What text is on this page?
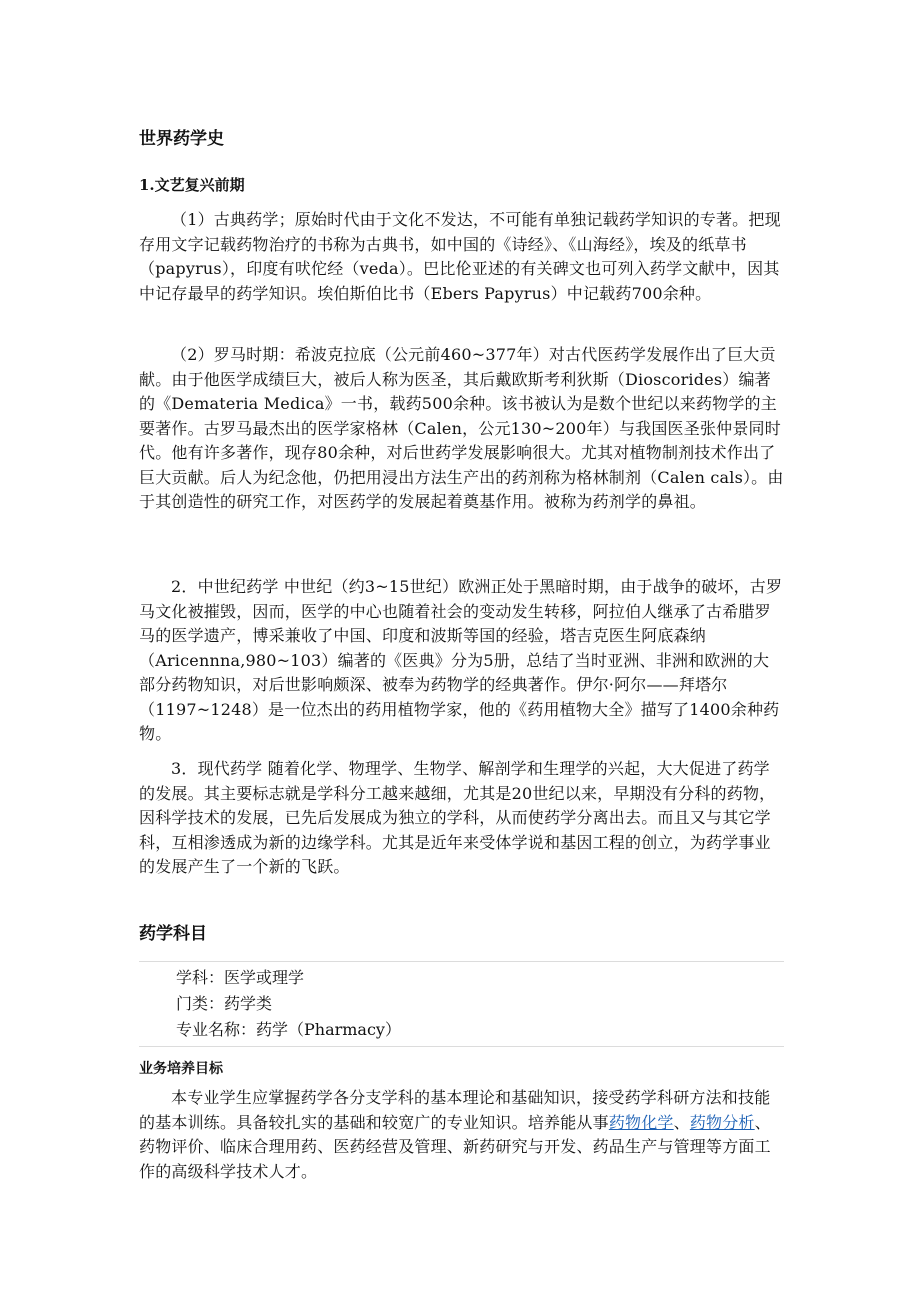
世界药学史
1.文艺复兴前期

（1）古典药学；原始时代由于文化不发达，不可能有单独记载药学知识的专著。把现存用文字记载药物治疗的书称为古典书，如中国的《诗经》、《山海经》，埃及的纸草书（papyrus），印度有吠佗经（veda）。巴比伦亚述的有关碑文也可列入药学文献中，因其中记存最早的药学知识。埃伯斯伯比书（Ebers Papyrus）中记载药700余种。

（2）罗马时期：希波克拉底（公元前460~377年）对古代医药学发展作出了巨大贡献。由于他医学成绩巨大，被后人称为医圣，其后戴欧斯考利狄斯（Dioscorides）编著的《Demateria Medica》一书，载药500余种。该书被认为是数个世纪以来药物学的主要著作。古罗马最杰出的医学家格林（Calen，公元130~200年）与我国医圣张仲景同时代。他有许多著作，现存80余种，对后世药学发展影响很大。尤其对植物制剂技术作出了巨大贡献。后人为纪念他，仍把用浸出方法生产出的药剂称为格林制剂（Calen cals）。由于其创造性的研究工作，对医药学的发展起着奠基作用。被称为药剂学的鼻祖。

2．中世纪药学 中世纪（约3~15世纪）欧洲正处于黑暗时期，由于战争的破坏，古罗马文化被摧毁，因而，医学的中心也随着社会的变动发生转移，阿拉伯人继承了古希腊罗马的医学遗产，博采兼收了中国、印度和波斯等国的经验，塔吉克医生阿底森纳（Aricennna,980~103）编著的《医典》分为5册，总结了当时亚洲、非洲和欧洲的大部分药物知识，对后世影响颇深、被奉为药物学的经典著作。伊尔·阿尔——拜塔尔（1197~1248）是一位杰出的药用植物学家，他的《药用植物大全》描写了1400余种药物。

3．现代药学 随着化学、物理学、生物学、解剖学和生理学的兴起，大大促进了药学的发展。其主要标志就是学科分工越来越细，尤其是20世纪以来，早期没有分科的药物，因科学技术的发展，已先后发展成为独立的学科，从而使药学分离出去。而且又与其它学科，互相渗透成为新的边缘学科。尤其是近年来受体学说和基因工程的创立，为药学事业的发展产生了一个新的飞跃。

药学科目

学科：医学或理学

门类：药学类

专业名称：药学（Pharmacy）

业务培养目标

本专业学生应掌握药学各分支学科的基本理论和基础知识，接受药学科研方法和技能的基本训练。具备较扎实的基础和较宽广的专业知识。培养能从事药物化学、药物分析、药物评价、临床合理用药、医药经营及管理、新药研究与开发、药品生产与管理等方面工作的高级科学技术人才。
